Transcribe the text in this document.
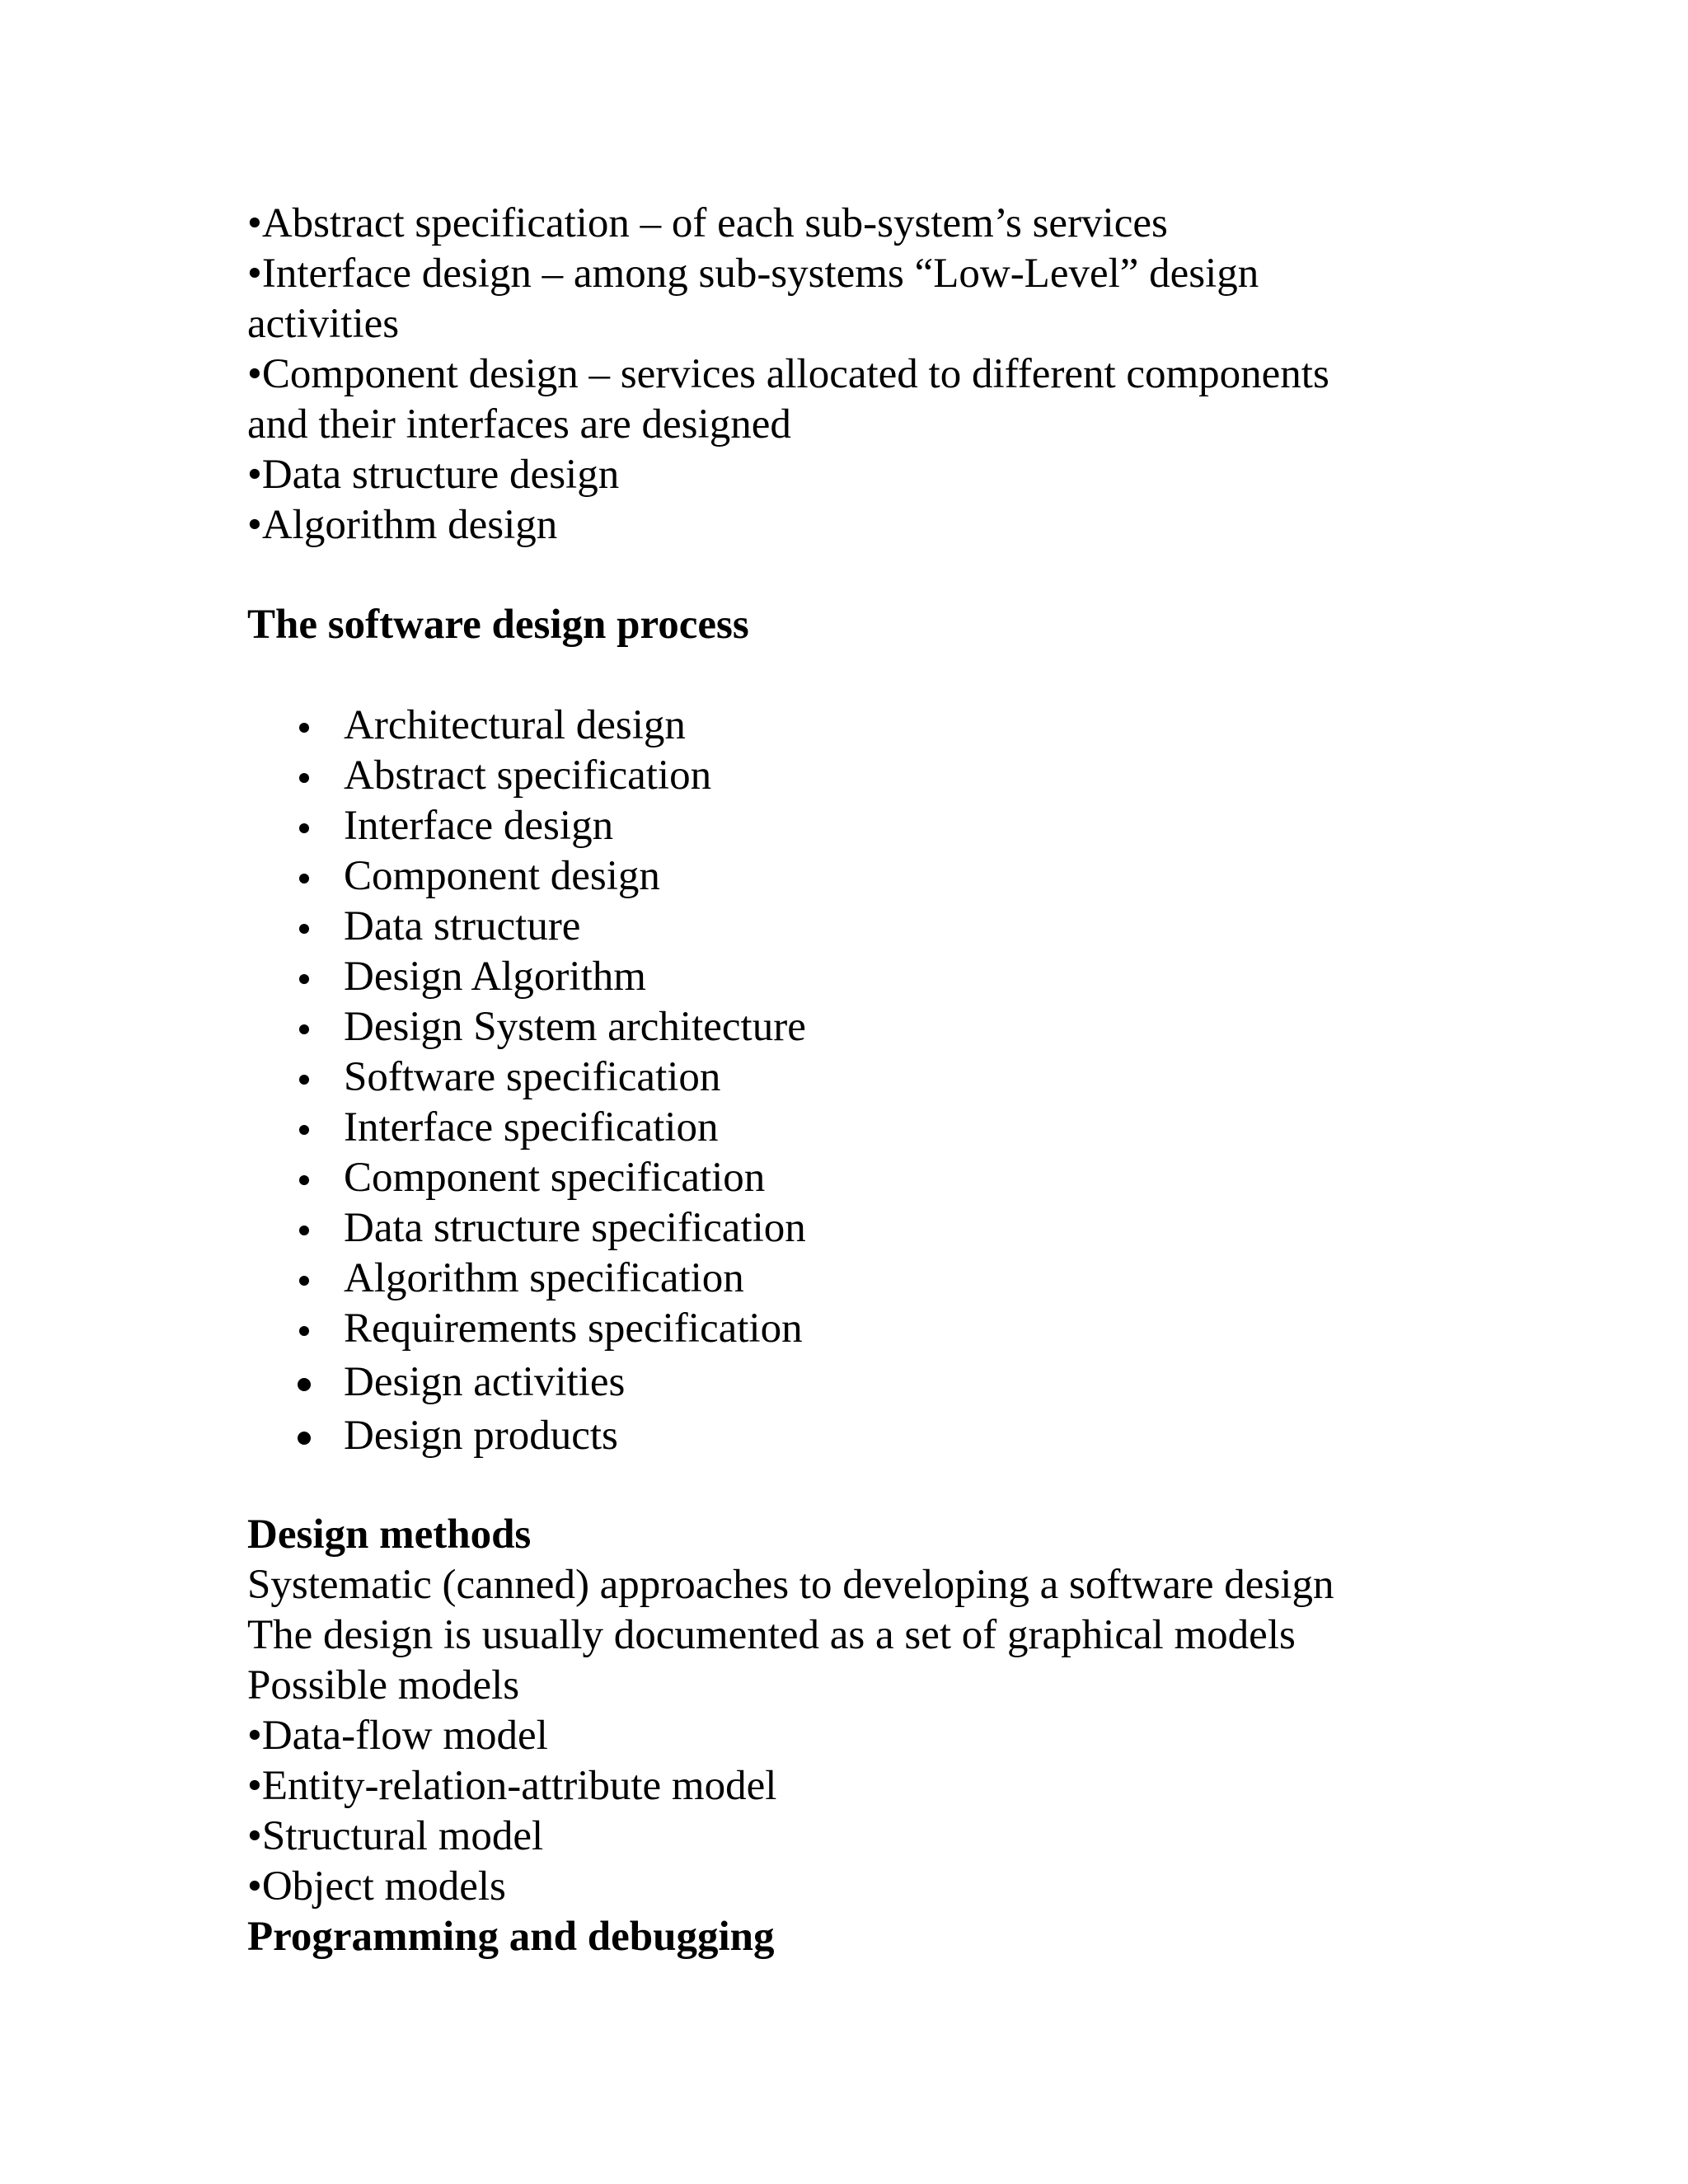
•Abstract specification – of each sub-system’s services
•Interface design – among sub-systems “Low-Level” design
activities
•Component design – services allocated to different components
and their interfaces are designed
•Data structure design
•Algorithm design
The software design process
Architectural design
Abstract specification
Interface design
Component design
Data structure
Design Algorithm
Design System architecture
Software specification
Interface specification
Component specification
Data structure specification
Algorithm specification
Requirements specification
Design activities
Design products
Design methods
Systematic (canned) approaches to developing a software design
The design is usually documented as a set of graphical models
Possible models
•Data-flow model
•Entity-relation-attribute model
•Structural model
•Object models
Programming and debugging
